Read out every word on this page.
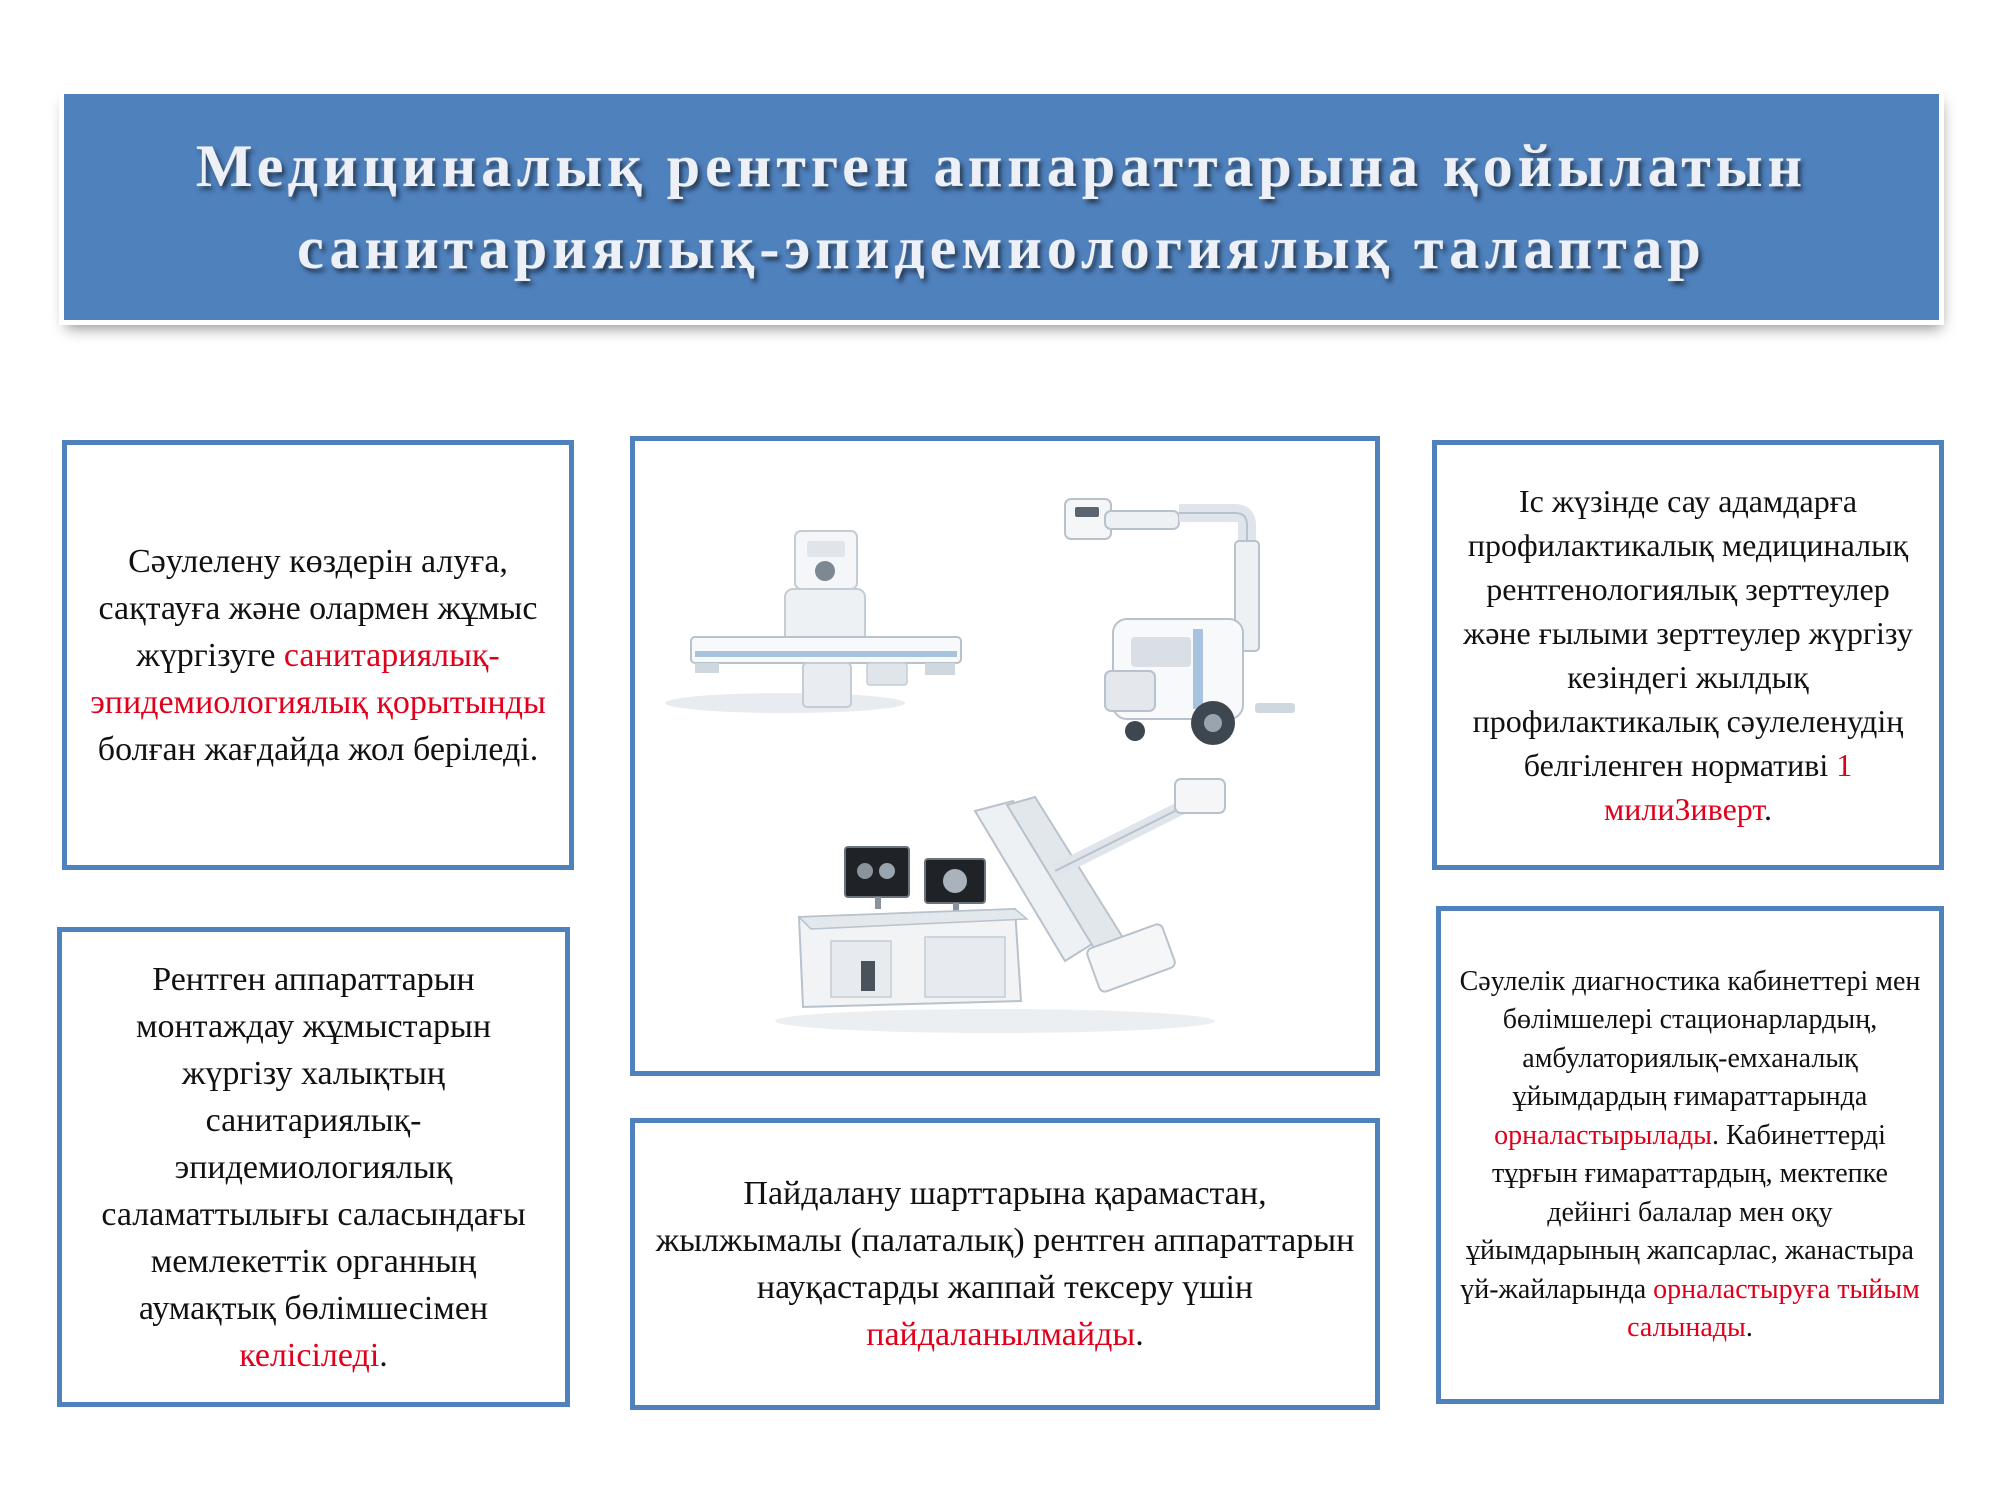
Медициналық рентген аппараттарына қойылатын
санитариялық-эпидемиологиялық талаптар

Сәулелену көздерін алуға, сақтауға және олармен жұмыс жүргізуге санитариялық-эпидемиологиялық қорытынды болған жағдайда жол беріледі.

Рентген аппараттарын монтаждау жұмыстарын жүргізу халықтың санитариялық-эпидемиологиялық саламаттылығы саласындағы мемлекеттік органның аумақтық бөлімшесімен келісіледі.

Пайдалану шарттарына қарамастан, жылжымалы (палаталық) рентген аппараттарын науқастарды жаппай тексеру үшін пайдаланылмайды.

Іс жүзінде сау адамдарға профилактикалық медициналық рентгенологиялық зерттеулер және ғылыми зерттеулер жүргізу кезіндегі жылдық профилактикалық сәулеленудің белгіленген нормативі 1 милиЗиверт.

Сәулелік диагностика кабинеттері мен бөлімшелері стационарлардың, амбулаториялық-емханалық ұйымдардың ғимараттарында орналастырылады. Кабинеттерді тұрғын ғимараттардың, мектепке дейінгі балалар мен оқу ұйымдарының жапсарлас, жанастыра үй-жайларында орналастыруға тыйым салынады.
